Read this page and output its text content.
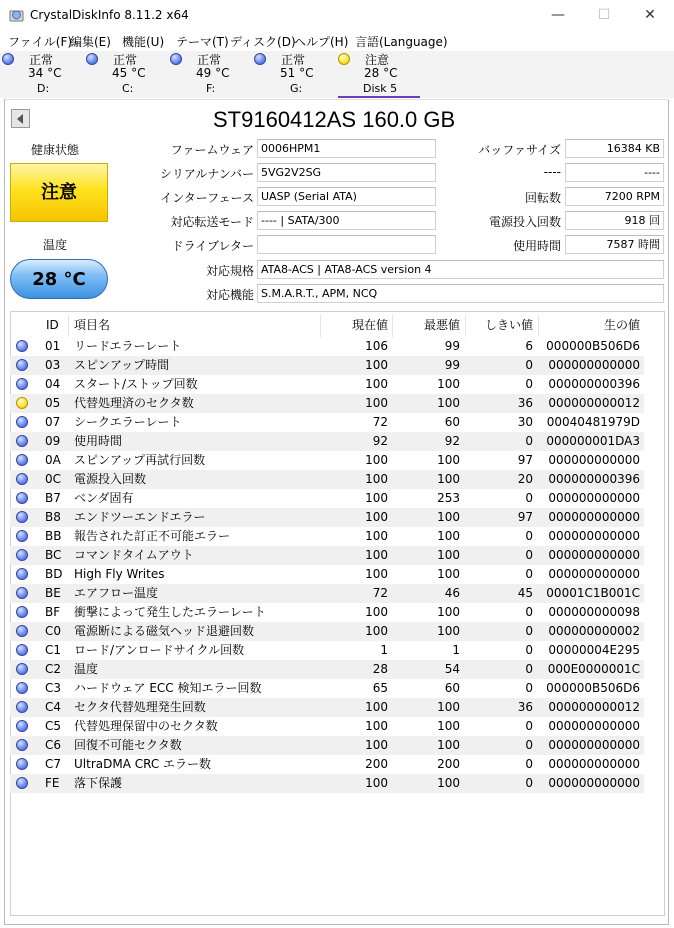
CrystalDiskInfo 8.11.2 x64	—	☐	✕
ファイル(F)
編集(E) 機能(U) テーマ(T) ディスク(D)
ヘルプ(H) 言語(Language)
正常
34 °C
D:
正常
45 °C
C:
正常
49 °C
F:
正常
51 °C
G:
注意
28 °C
Disk 5
ST9160412AS 160.0 GB
健康状態
注意
温度
28 °C
ファームウェア 0006HPM1
シリアルナンバー 5VG2V2SG
インターフェース UASP (Serial ATA)
対応転送モード ---- | SATA/300
ドライブレター
対応規格 ATA8-ACS | ATA8-ACS version 4
対応機能 S.M.A.R.T., APM, NCQ
バッファサイズ	16384 KB
----	----
回転数	7200 RPM
電源投入回数	918 回
使用時間	7587 時間
ID 項目名	現在値	最悪値	しきい値	生の値
01 リードエラーレート	106	99	6	000000B506D6
03 スピンアップ時間	100	99	0	000000000000
04 スタート/ストップ回数	100	100	0	000000000396
05 代替処理済のセクタ数	100	100	36	000000000012
07 シークエラーレート	72	60	30	00040481979D
09 使用時間	92	92	0	000000001DA3
0A スピンアップ再試行回数	100	100	97	000000000000
0C 電源投入回数	100	100	20	000000000396
B7 ベンダ固有	100	253	0	000000000000
B8 エンドツーエンドエラー	100	100	97	000000000000
BB 報告された訂正不可能エラー	100	100	0	000000000000
BC コマンドタイムアウト	100	100	0	000000000000
BD High Fly Writes	100	100	0	000000000000
BE エアフロー温度	72	46	45	00001C1B001C
BF 衝撃によって発生したエラーレート	100	100	0	000000000098
C0 電源断による磁気ヘッド退避回数	100	100	0	000000000002
C1 ロード/アンロードサイクル回数	1	1	0	00000004E295
C2 温度	28	54	0	000E0000001C
C3 ハードウェア ECC 検知エラー回数	65	60	0	000000B506D6
C4 セクタ代替処理発生回数	100	100	36	000000000012
C5 代替処理保留中のセクタ数	100	100	0	000000000000
C6 回復不可能セクタ数	100	100	0	000000000000
C7 UltraDMA CRC エラー数	200	200	0	000000000000
FE 落下保護	100	100	0	000000000000
